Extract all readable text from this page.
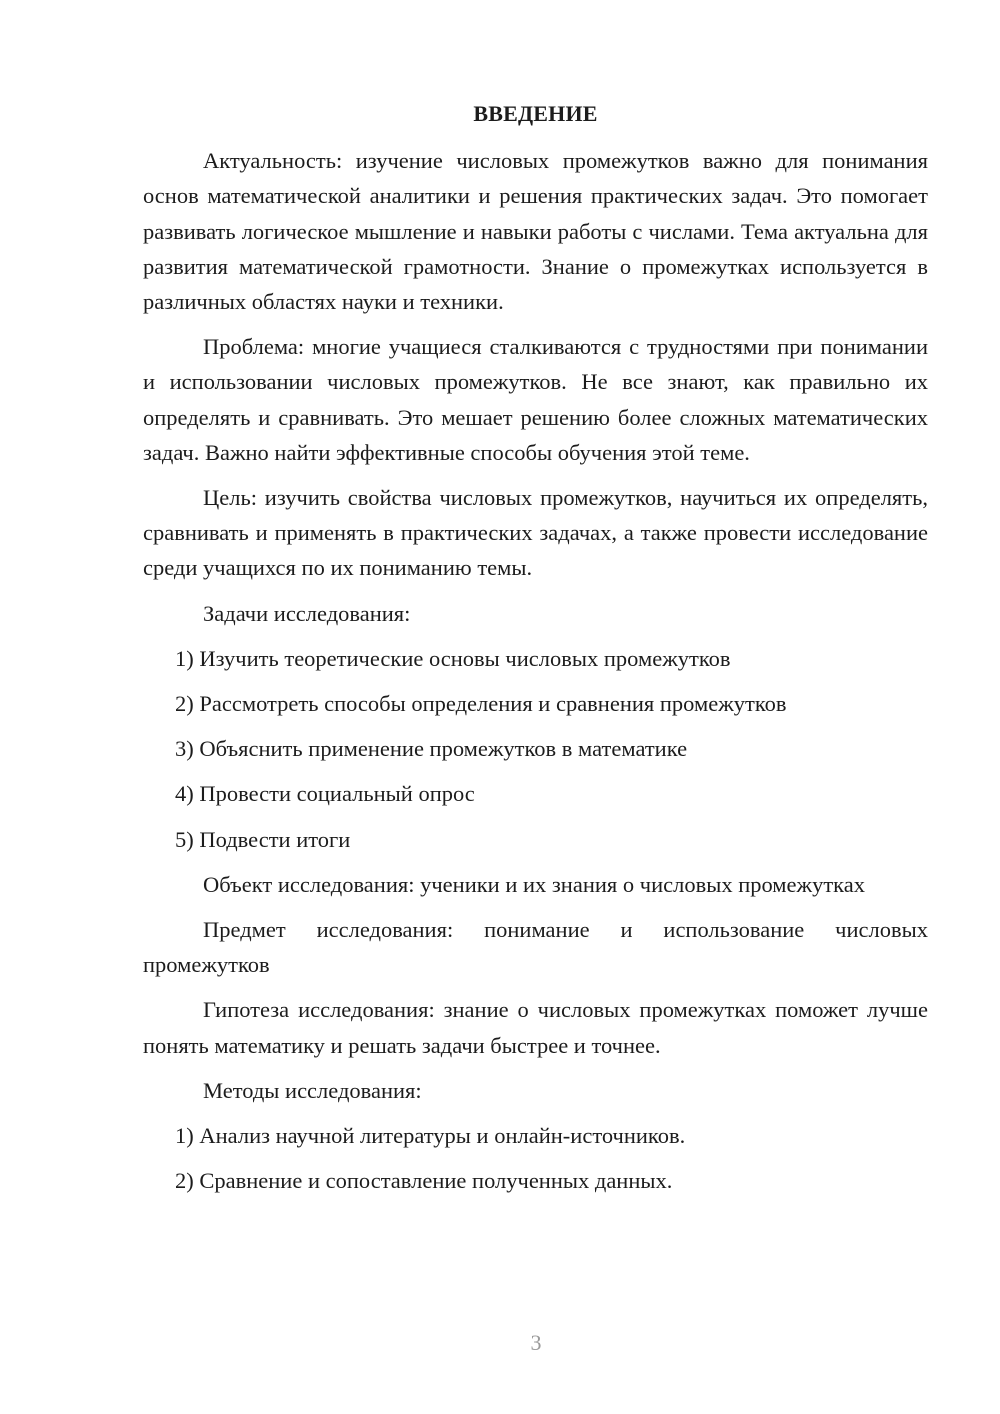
ВВЕДЕНИЕ

Актуальность: изучение числовых промежутков важно для понимания основ математической аналитики и решения практических задач. Это помогает развивать логическое мышление и навыки работы с числами. Тема актуальна для развития математической грамотности. Знание о промежутках используется в различных областях науки и техники.

Проблема: многие учащиеся сталкиваются с трудностями при понимании и использовании числовых промежутков. Не все знают, как правильно их определять и сравнивать. Это мешает решению более сложных математических задач. Важно найти эффективные способы обучения этой теме.

Цель: изучить свойства числовых промежутков, научиться их определять, сравнивать и применять в практических задачах, а также провести исследование среди учащихся по их пониманию темы.

Задачи исследования:

1) Изучить теоретические основы числовых промежутков

2) Рассмотреть способы определения и сравнения промежутков

3) Объяснить применение промежутков в математике

4) Провести социальный опрос

5) Подвести итоги

Объект исследования: ученики и их знания о числовых промежутках

Предмет исследования: понимание и использование числовых промежутков

Гипотеза исследования: знание о числовых промежутках поможет лучше понять математику и решать задачи быстрее и точнее.

Методы исследования:

1) Анализ научной литературы и онлайн-источников.

2) Сравнение и сопоставление полученных данных.

3
